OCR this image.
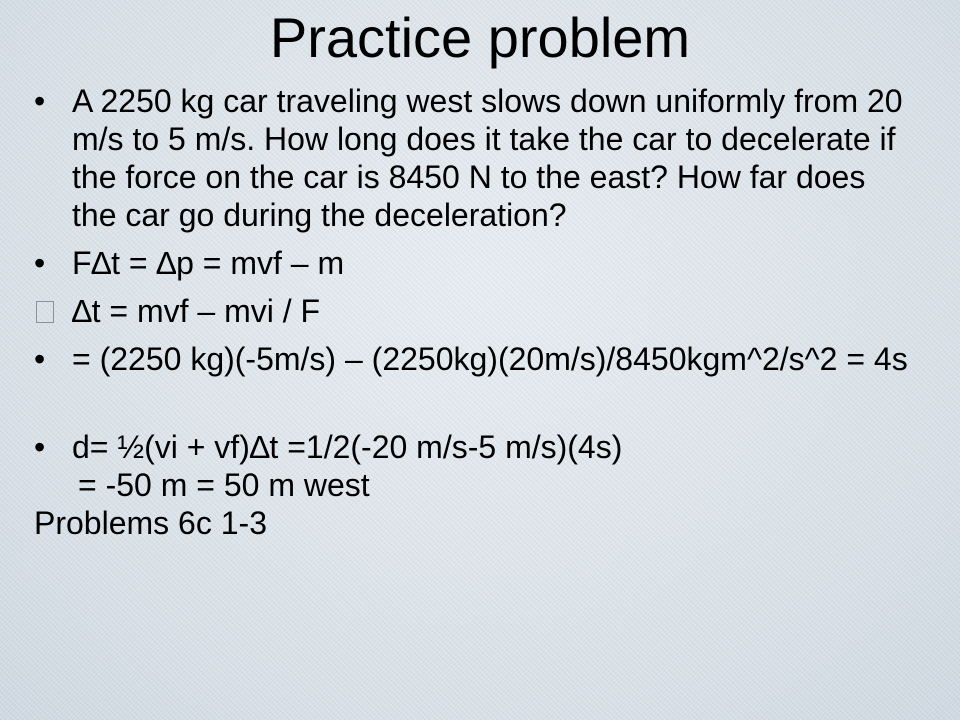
Practice problem

• A 2250 kg car traveling west slows down uniformly from 20 m/s to 5 m/s. How long does it take the car to decelerate if the force on the car is 8450 N to the east? How far does the car go during the deceleration?

• F∆t = ∆p = mvf – m

∆t = mvf – mvi / F

• = (2250 kg)(-5m/s) – (2250kg)(20m/s)/8450kgm^2/s^2 = 4s

• d= ½(vi + vf)∆t =1/2(-20 m/s-5 m/s)(4s)

= -50 m = 50 m west

Problems 6c 1-3
